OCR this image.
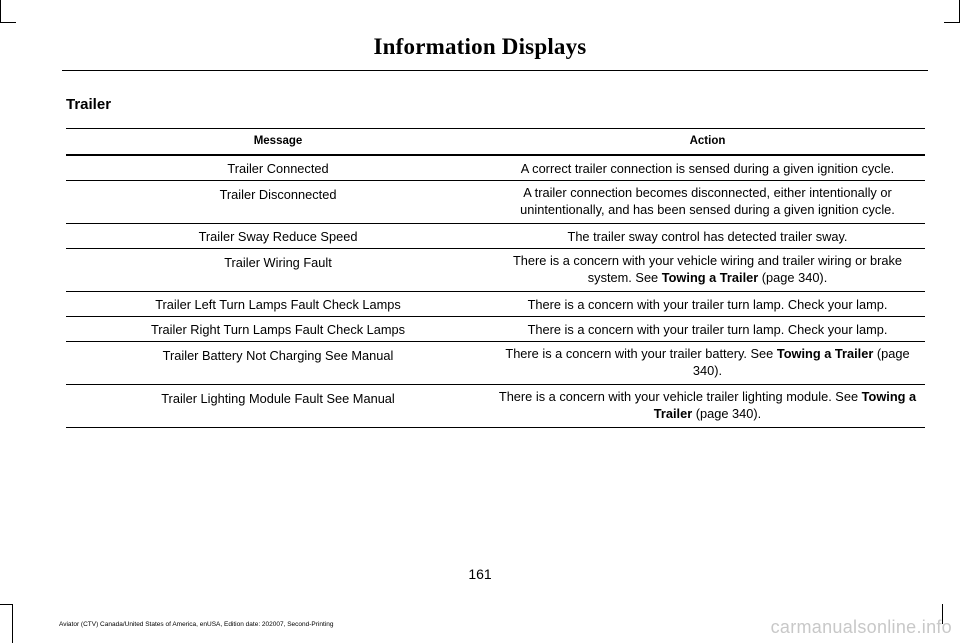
Information Displays
Trailer
Message	Action
Trailer Connected	A correct trailer connection is sensed during a given ignition cycle.
Trailer Disconnected	A trailer connection becomes disconnected, either intentionally or unintentionally, and has been sensed during a given ignition cycle.
Trailer Sway Reduce Speed	The trailer sway control has detected trailer sway.
Trailer Wiring Fault	There is a concern with your vehicle wiring and trailer wiring or brake system. See Towing a Trailer (page 340).
Trailer Left Turn Lamps Fault Check Lamps	There is a concern with your trailer turn lamp. Check your lamp.
Trailer Right Turn Lamps Fault Check Lamps	There is a concern with your trailer turn lamp. Check your lamp.
Trailer Battery Not Charging See Manual	There is a concern with your trailer battery. See Towing a Trailer (page 340).
Trailer Lighting Module Fault See Manual	There is a concern with your vehicle trailer lighting module. See Towing a Trailer (page 340).
161
Aviator (CTV) Canada/United States of America, enUSA, Edition date: 202007, Second-Printing	carmanualsonline.info
